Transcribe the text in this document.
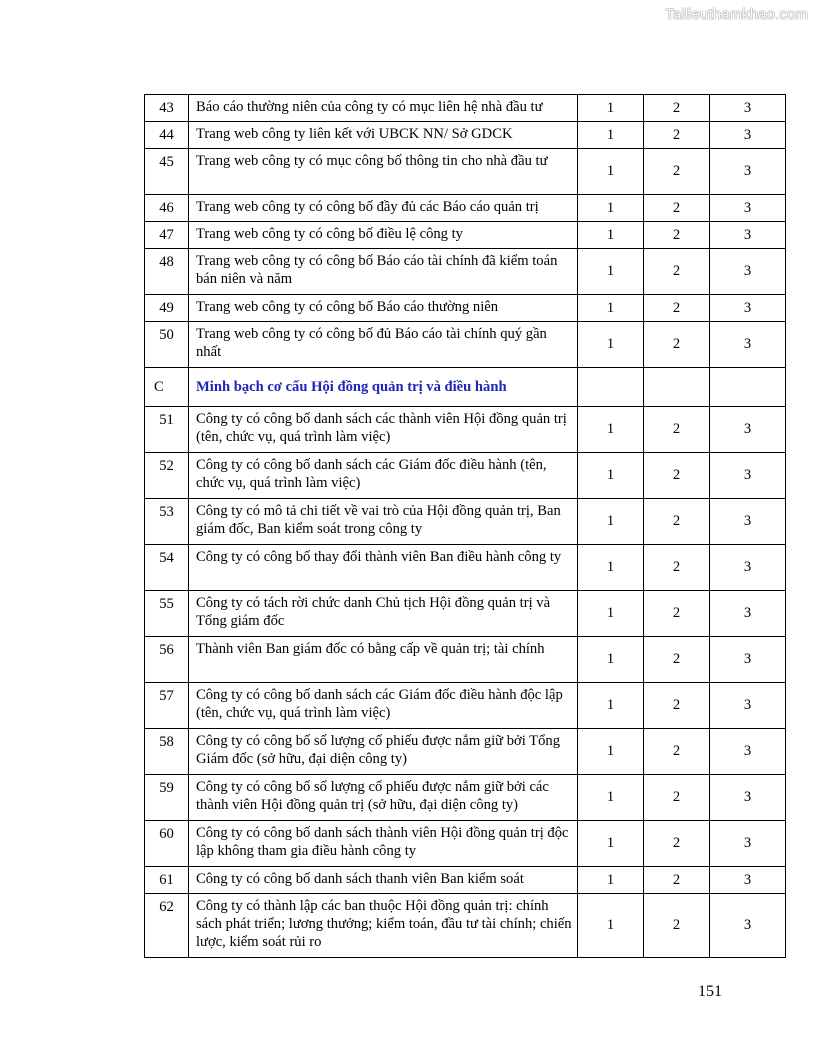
Tailieuthamkhao.com
43	Báo cáo thường niên của công ty có mục liên hệ nhà đầu tư	1	2	3
44	Trang web công ty liên kết với UBCK NN/ Sở GDCK	1	2	3
45	Trang web công ty có mục công bố thông tin cho nhà đầu tư	1	2	3
46	Trang web công ty có công bố đầy đủ các Báo cáo quản trị	1	2	3
47	Trang web công ty có công bố điều lệ công ty	1	2	3
48	Trang web công ty có công bố Báo cáo tài chính đã kiểm toán bán niên và năm	1	2	3
49	Trang web công ty có công bố Báo cáo thường niên	1	2	3
50	Trang web công ty có công bố đủ Báo cáo tài chính quý gần nhất	1	2	3
C	Minh bạch cơ cấu Hội đồng quản trị và điều hành			
51	Công ty có công bố danh sách các thành viên Hội đồng quản trị (tên, chức vụ, quá trình làm việc)	1	2	3
52	Công ty có công bố danh sách các Giám đốc điều hành (tên, chức vụ, quá trình làm việc)	1	2	3
53	Công ty có mô tả chi tiết về vai trò của Hội đồng quản trị, Ban giám đốc, Ban kiểm soát trong công ty	1	2	3
54	Công ty có công bố thay đổi thành viên Ban điều hành công ty	1	2	3
55	Công ty có tách rời chức danh Chủ tịch Hội đồng quản trị và Tổng giám đốc	1	2	3
56	Thành viên Ban giám đốc có bằng cấp về quản trị; tài chính	1	2	3
57	Công ty có công bố danh sách các Giám đốc điều hành độc lập (tên, chức vụ, quá trình làm việc)	1	2	3
58	Công ty có công bố số lượng cổ phiếu được nắm giữ bởi Tổng Giám đốc (sở hữu, đại diện công ty)	1	2	3
59	Công ty có công bố số lượng cổ phiếu được nắm giữ bởi các thành viên Hội đồng quản trị (sở hữu, đại diện công ty)	1	2	3
60	Công ty có công bố danh sách thành viên Hội đồng quản trị độc lập không tham gia điều hành công ty	1	2	3
61	Công ty có công bố danh sách thanh viên Ban kiểm soát	1	2	3
62	Công ty có thành lập các ban thuộc Hội đồng quản trị: chính sách phát triển; lương thưởng; kiểm toán, đầu tư tài chính; chiến lược, kiểm soát rủi ro	1	2	3
151
